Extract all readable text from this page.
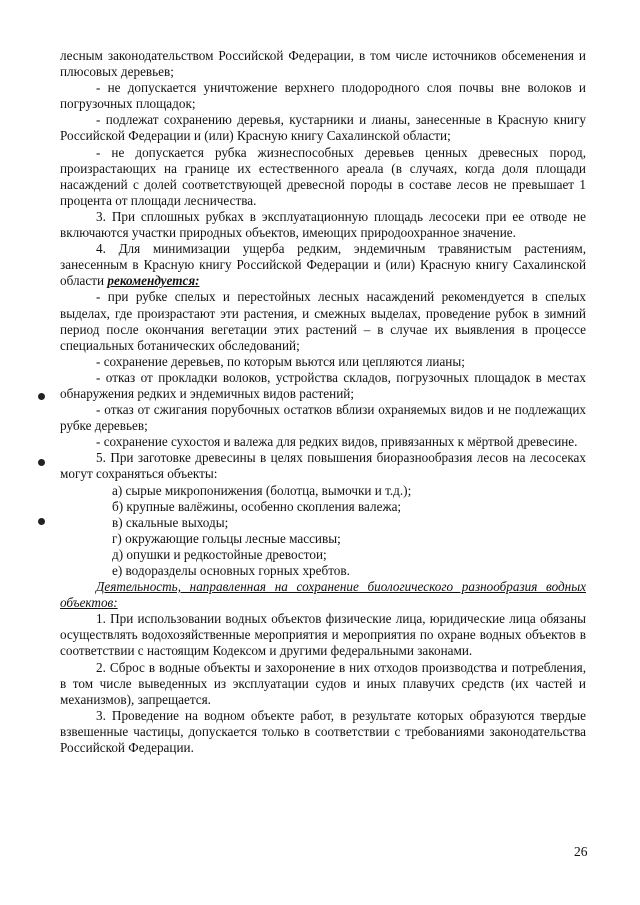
лесным законодательством Российской Федерации, в том числе источников обсеменения и плюсовых деревьев;

- не допускается уничтожение верхнего плодородного слоя почвы вне волоков и погрузочных площадок;

- подлежат сохранению деревья, кустарники и лианы, занесенные в Красную книгу Российской Федерации и (или) Красную книгу Сахалинской области;

- не допускается рубка жизнеспособных деревьев ценных древесных пород, произрастающих на границе их естественного ареала (в случаях, когда доля площади насаждений с долей соответствующей древесной породы в составе лесов не превышает 1 процента от площади лесничества.

3. При сплошных рубках в эксплуатационную площадь лесосеки при ее отводе не включаются участки природных объектов, имеющих природоохранное значение.

4. Для минимизации ущерба редким, эндемичным травянистым растениям, занесенным в Красную книгу Российской Федерации и (или) Красную книгу Сахалинской области рекомендуется:

- при рубке спелых и перестойных лесных насаждений рекомендуется в спелых выделах, где произрастают эти растения, и смежных выделах, проведение рубок в зимний период после окончания вегетации этих растений – в случае их выявления в процессе специальных ботанических обследований;

- сохранение деревьев, по которым вьются или цепляются лианы;

- отказ от прокладки волоков, устройства складов, погрузочных площадок в местах обнаружения редких и эндемичных видов растений;

- отказ от сжигания порубочных остатков вблизи охраняемых видов и не подлежащих рубке деревьев;

- сохранение сухостоя и валежа для редких видов, привязанных к мёртвой древесине.

5. При заготовке древесины в целях повышения биоразнообразия лесов на лесосеках могут сохраняться объекты:

а) сырые микропонижения (болотца, вымочки и т.д.);

б) крупные валёжины, особенно скопления валежа;

в) скальные выходы;

г) окружающие гольцы лесные массивы;

д) опушки и редкостойные древостои;

е) водоразделы основных горных хребтов.

Деятельность, направленная на сохранение биологического разнообразия водных объектов:

1. При использовании водных объектов физические лица, юридические лица обязаны осуществлять водохозяйственные мероприятия и мероприятия по охране водных объектов в соответствии с настоящим Кодексом и другими федеральными законами.

2. Сброс в водные объекты и захоронение в них отходов производства и потребления, в том числе выведенных из эксплуатации судов и иных плавучих средств (их частей и механизмов), запрещается.

3. Проведение на водном объекте работ, в результате которых образуются твердые взвешенные частицы, допускается только в соответствии с требованиями законодательства Российской Федерации.

26
